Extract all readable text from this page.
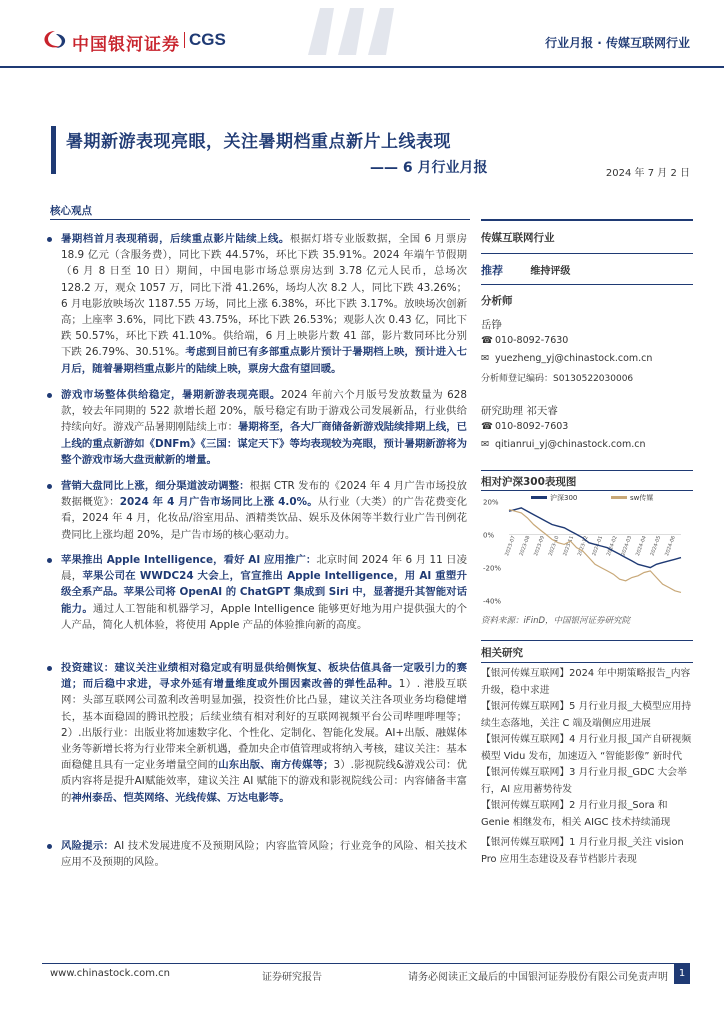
中国银河证券 CGS	行业月报 · 传媒互联网行业
暑期新游表现亮眼，关注暑期档重点新片上线表现
—— 6 月行业月报	2024 年 7 月 2 日
核心观点
暑期档首月表现稍弱，后续重点影片陆续上线。根据灯塔专业版数据，全国 6 月票房 18.9 亿元（含服务费），同比下跌 44.57%，环比下跌 35.91%。2024 年端午节假期（6 月 8 日至 10 日）期间，中国电影市场总票房达到 3.78 亿元人民币，总场次 128.2 万，观众 1057 万，同比下滑 41.26%，场均人次 8.2 人，同比下跌 43.26%；6 月电影放映场次 1187.55 万场，同比上涨 6.38%，环比下跌 3.17%。放映场次创新高；上座率 3.6%，同比下跌 43.75%，环比下跌 26.53%；观影人次 0.43 亿，同比下跌 50.57%，环比下跌 41.10%。供给端，6 月上映影片数 41 部，影片数同环比分别下跌 26.79%、30.51%。考虑到目前已有多部重点影片预计于暑期档上映，预计进入七月后，随着暑期档重点影片的陆续上映，票房大盘有望回暖。
游戏市场整体供给稳定，暑期新游表现亮眼。2024 年前六个月版号发放数量为 628 款，较去年同期的 522 款增长超 20%，版号稳定有助于游戏公司发展新品，行业供给持续向好。游戏产品暑期刚陆续上市：暑期将至，各大厂商储备新游戏陆续排期上线，已上线的重点新游如《DNFm》《三国：谋定天下》等均表现较为亮眼，预计暑期新游将为整个游戏市场大盘贡献新的增量。
营销大盘同比上涨，细分渠道波动调整：根据 CTR 发布的《2024 年 4 月广告市场投放数据概览》：2024 年 4 月广告市场同比上涨 4.0%。从行业（大类）的广告花费变化看，2024 年 4 月，化妆品/浴室用品、酒精类饮品、娱乐及休闲等半数行业广告刊例花费同比上涨均超 20%，是广告市场的核心驱动力。
苹果推出 Apple Intelligence，看好 AI 应用推广：北京时间 2024 年 6 月 11 日凌晨，苹果公司在 WWDC24 大会上，官宣推出 Apple Intelligence，用 AI 重塑升级全系产品。苹果公司将 OpenAI 的 ChatGPT 集成到 Siri 中，显著提升其智能对话能力。通过人工智能和机器学习，Apple Intelligence 能够更好地为用户提供强大的个人产品，简化人机体验，将使用 Apple 产品的体验推向新的高度。
投资建议：建议关注业绩相对稳定或有明显供给侧恢复、板块估值具备一定吸引力的赛道；而后稳中求进，寻求外延有增量维度或外围因素改善的弹性品种。1）. 港股互联网：头部互联网公司盈利改善明显加强，投资性价比凸显，建议关注各项业务均稳健增长，基本面稳固的腾讯控股；后续业绩有相对利好的互联网视频平台公司哔哩哔哩等；2）.出版行业：出版业将加速数字化、个性化、定制化、智能化发展。AI+出版、融媒体业务等新增长将为行业带来全新机遇，叠加央企市值管理或将纳入考核，建议关注：基本面稳健且具有一定业务增量空间的山东出版、南方传媒等；3）.影视院线&游戏公司：优质内容将是提升AI赋能效率，建议关注 AI 赋能下的游戏和影视院线公司：内容储备丰富的神州泰岳、恺英网络、光线传媒、万达电影等。
风险提示：AI 技术发展进度不及预期风险；内容监管风险；行业竞争的风险、相关技术应用不及预期的风险。
传媒互联网行业
推荐	维持评级
分析师
岳铮
☎ 010-8092-7630
✉ yuezheng_yj@chinastock.com.cn
分析师登记编码：S0130522030006
研究助理 祁天睿
☎ 010-8092-7603
✉ qitianrui_yj@chinastock.com.cn
相对沪深300表现图
20%
0%
-20%
-40%
2023-07 2023-08 2023-09 2023-10 2023-11 2023-12 2024-01 2024-02 2024-03 2024-04 2024-05 2024-06
沪深300	sw传媒
资料来源：iFinD，中国银河证券研究院
相关研究
【银河传媒互联网】2024 年中期策略报告_内容升级，稳中求进
【银河传媒互联网】5 月行业月报_大模型应用持续生态落地，关注 C 端及端侧应用进展
【银河传媒互联网】4 月行业月报_国产自研视频模型 Vidu 发布，加速迈入 “智能影像” 新时代
【银河传媒互联网】3 月行业月报_GDC 大会举行，AI 应用蓄势待发
【银河传媒互联网】2 月行业月报_Sora 和 Genie 相继发布，相关 AIGC 技术持续涌现
【银河传媒互联网】1 月行业月报_关注 vision Pro 应用生态建设及春节档影片表现
www.chinastock.com.cn	证券研究报告	请务必阅读正文最后的中国银河证券股份有限公司免责声明	1
